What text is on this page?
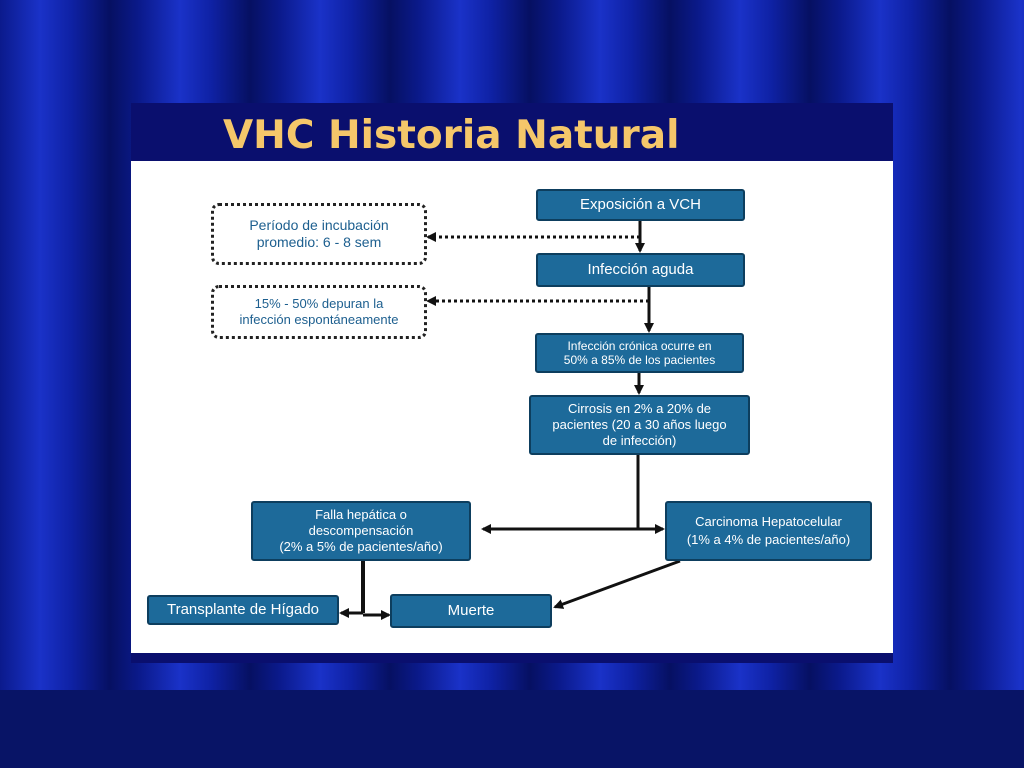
VHC Historia Natural
Exposición a VCH
Infección aguda
Infección crónica ocurre en
50% a 85% de los pacientes
Cirrosis en 2% a 20% de
pacientes (20 a 30 años luego
de infección)
Falla hepática o
descompensación
(2% a 5% de pacientes/año)
Carcinoma Hepatocelular
(1% a 4% de pacientes/año)
Transplante de Hígado	Muerte
Período de incubación
promedio: 6 - 8 sem
15% - 50% depuran la
infección espontáneamente
